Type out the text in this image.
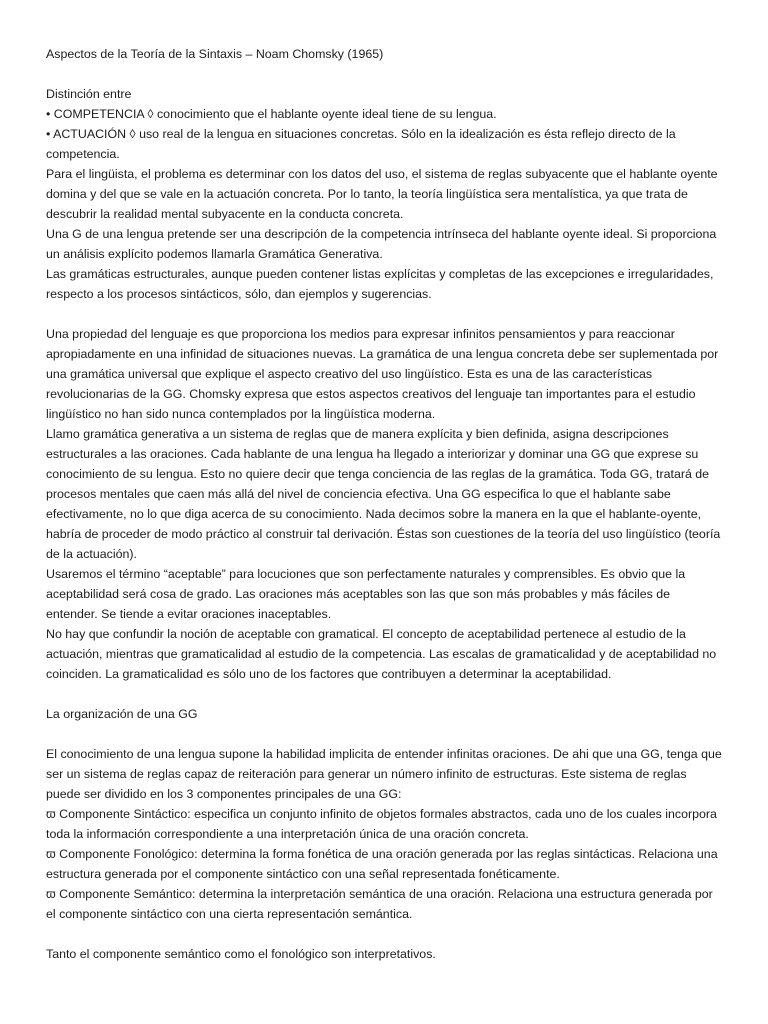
Aspectos de la Teoría de la Sintaxis – Noam Chomsky (1965)

Distinción entre

• COMPETENCIA ◊ conocimiento que el hablante oyente ideal tiene de su lengua.

• ACTUACIÓN ◊ uso real de la lengua en situaciones concretas. Sólo en la idealización es ésta reflejo directo de la competencia.

Para el lingüista, el problema es determinar con los datos del uso, el sistema de reglas subyacente que el hablante oyente domina y del que se vale en la actuación concreta. Por lo tanto, la teoría lingüística sera mentalística, ya que trata de descubrir la realidad mental subyacente en la conducta concreta.

Una G de una lengua pretende ser una descripción de la competencia intrínseca del hablante oyente ideal. Si proporciona un análisis explícito podemos llamarla Gramática Generativa.

Las gramáticas estructurales, aunque pueden contener listas explícitas y completas de las excepciones e irregularidades, respecto a los procesos sintácticos, sólo, dan ejemplos y sugerencias.

Una propiedad del lenguaje es que proporciona los medios para expresar infinitos pensamientos y para reaccionar apropiadamente en una infinidad de situaciones nuevas. La gramática de una lengua concreta debe ser suplementada por una gramática universal que explique el aspecto creativo del uso lingüístico. Esta es una de las características revolucionarias de la GG. Chomsky expresa que estos aspectos creativos del lenguaje tan importantes para el estudio lingüístico no han sido nunca contemplados por la lingüística moderna.

Llamo gramática generativa a un sistema de reglas que de manera explícita y bien definida, asigna descripciones estructurales a las oraciones. Cada hablante de una lengua ha llegado a interiorizar y dominar una GG que exprese su conocimiento de su lengua. Esto no quiere decir que tenga conciencia de las reglas de la gramática. Toda GG, tratará de procesos mentales que caen más allá del nivel de conciencia efectiva. Una GG especifica lo que el hablante sabe efectivamente, no lo que diga acerca de su conocimiento. Nada decimos sobre la manera en la que el hablante-oyente, habría de proceder de modo práctico al construir tal derivación. Éstas son cuestiones de la teoría del uso lingüístico (teoría de la actuación).

Usaremos el término “aceptable” para locuciones que son perfectamente naturales y comprensibles. Es obvio que la aceptabilidad será cosa de grado. Las oraciones más aceptables son las que son más probables y más fáciles de entender. Se tiende a evitar oraciones inaceptables.

No hay que confundir la noción de aceptable con gramatical. El concepto de aceptabilidad pertenece al estudio de la actuación, mientras que gramaticalidad al estudio de la competencia. Las escalas de gramaticalidad y de aceptabilidad no coinciden. La gramaticalidad es sólo uno de los factores que contribuyen a determinar la aceptabilidad.

La organización de una GG

El conocimiento de una lengua supone la habilidad implicita de entender infinitas oraciones. De ahi que una GG, tenga que ser un sistema de reglas capaz de reiteración para generar un número infinito de estructuras. Este sistema de reglas puede ser dividido en los 3 componentes principales de una GG:

ϖ Componente Sintáctico: especifica un conjunto infinito de objetos formales abstractos, cada uno de los cuales incorpora toda la información correspondiente a una interpretación única de una oración concreta.

ϖ Componente Fonológico: determina la forma fonética de una oración generada por las reglas sintácticas. Relaciona una estructura generada por el componente sintáctico con una señal representada fonéticamente.

ϖ Componente Semántico: determina la interpretación semántica de una oración. Relaciona una estructura generada por el componente sintáctico con una cierta representación semántica.

Tanto el componente semántico como el fonológico son interpretativos.
